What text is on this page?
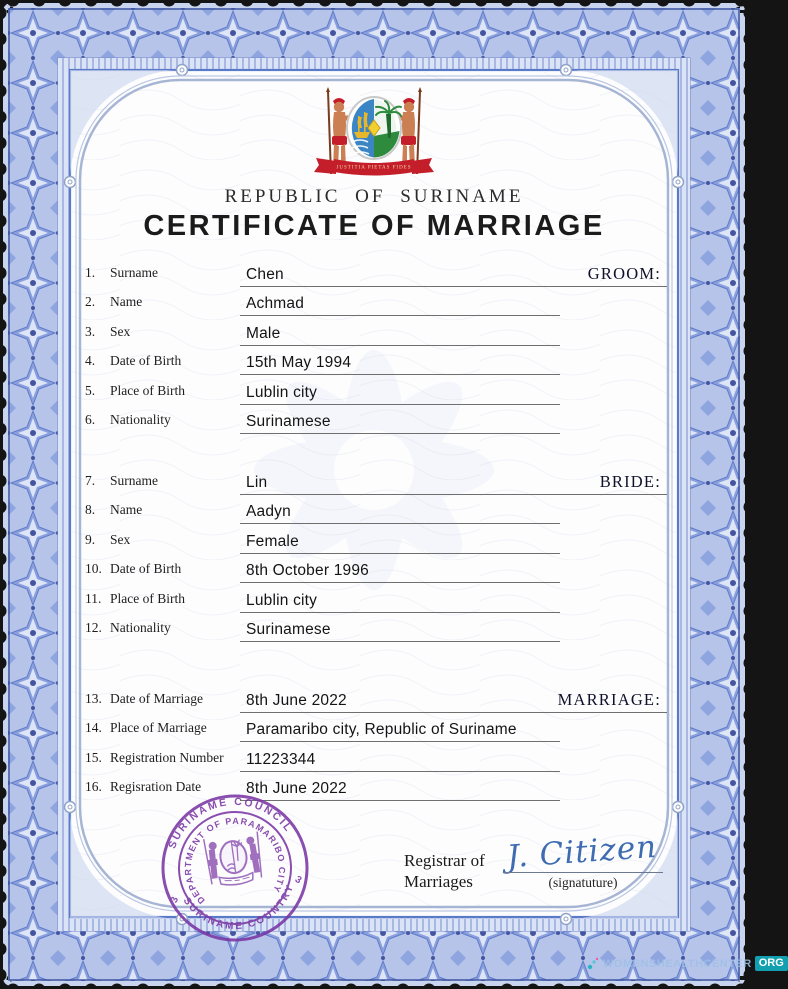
JUSTITIA PIETAS FIDES
REPUBLIC OF SURINAME
CERTIFICATE OF MARRIAGE
1. Surname	Chen	GROOM:
2. Name	Achmad
3. Sex	Male
4. Date of Birth	15th May 1994
5. Place of Birth	Lublin city
6. Nationality	Surinamese
7. Surname	Lin	BRIDE:
8. Name	Aadyn
9. Sex	Female
10. Date of Birth	8th October 1996
11. Place of Birth	Lublin city
12. Nationality	Surinamese
13. Date of Marriage	8th June 2022	MARRIAGE:
14. Place of Marriage	Paramaribo city, Republic of Suriname
15. Registration Number	11223344
16. Regisration Date	8th June 2022
SURINAME COUNCIL
SURINAME COUNTRY
DEPARTMENT OF PARAMARIBO CITY
3
3
Registrar of
Marriages
J. Citizen
(signatuture)
WOMENSHEALTHCENTER ORG
